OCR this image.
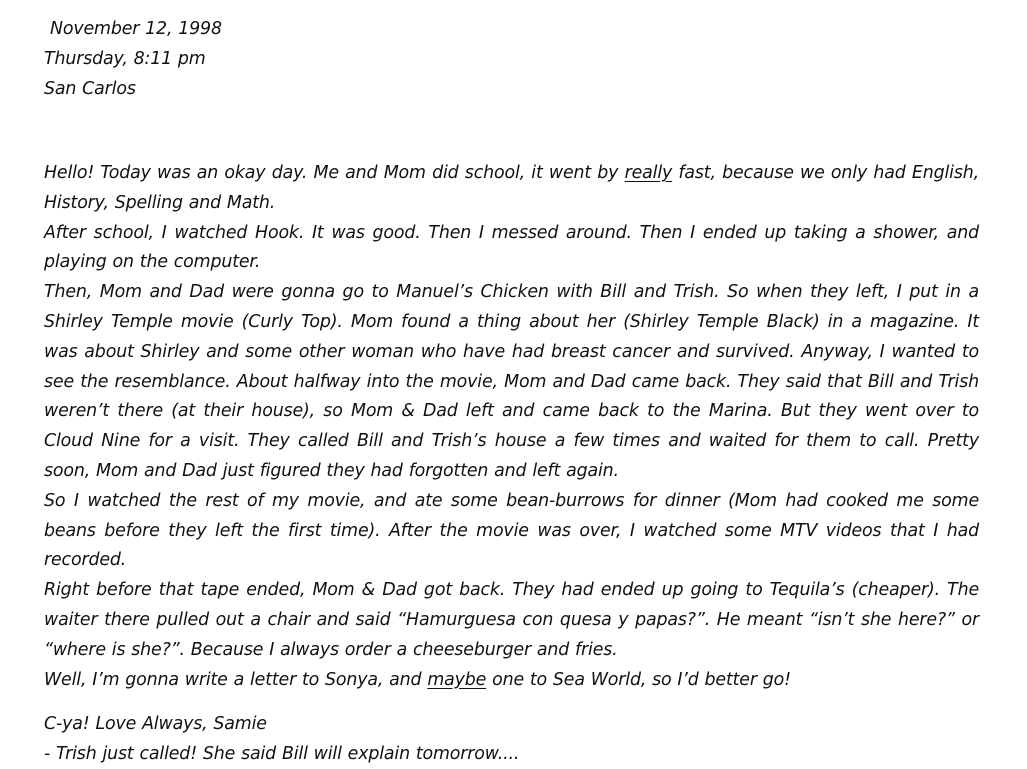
November 12, 1998
Thursday, 8:11 pm
San Carlos

Hello! Today was an okay day. Me and Mom did school, it went by really fast, because we only had English, History, Spelling and Math.

After school, I watched Hook. It was good. Then I messed around. Then I ended up taking a shower, and playing on the computer.

Then, Mom and Dad were gonna go to Manuel’s Chicken with Bill and Trish. So when they left, I put in a Shirley Temple movie (Curly Top). Mom found a thing about her (Shirley Temple Black) in a magazine. It was about Shirley and some other woman who have had breast cancer and survived. Anyway, I wanted to see the resemblance. About halfway into the movie, Mom and Dad came back. They said that Bill and Trish weren’t there (at their house), so Mom & Dad left and came back to the Marina. But they went over to Cloud Nine for a visit. They called Bill and Trish’s house a few times and waited for them to call. Pretty soon, Mom and Dad just figured they had forgotten and left again.

So I watched the rest of my movie, and ate some bean-burrows for dinner (Mom had cooked me some beans before they left the first time). After the movie was over, I watched some MTV videos that I had recorded.

Right before that tape ended, Mom & Dad got back. They had ended up going to Tequila’s (cheaper). The waiter there pulled out a chair and said “Hamurguesa con quesa y papas?”. He meant “isn’t she here?” or “where is she?”. Because I always order a cheeseburger and fries.

Well, I’m gonna write a letter to Sonya, and maybe one to Sea World, so I’d better go!

C-ya! Love Always, Samie
- Trish just called! She said Bill will explain tomorrow....
